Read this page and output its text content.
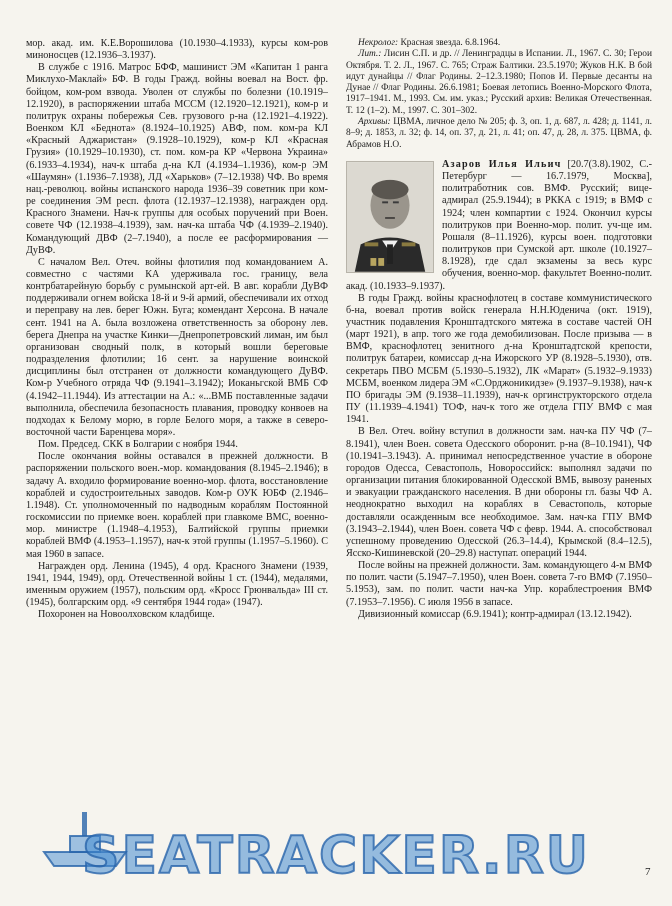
мор. акад. им. К.Е.Ворошилова (10.1930–4.1933), курсы ком-ров миноносцев (12.1936–3.1937).

В службе с 1916. Матрос БФФ, машинист ЭМ «Капитан 1 ранга Миклухо-Маклай» БФ. В годы Гражд. войны воевал на Вост. фр. бойцом, ком-ром взвода. Уволен от службы по болезни (10.1919–12.1920), в распоряжении штаба МССМ (12.1920–12.1921), ком-р и политрук охраны побережья Сев. грузового р-на (12.1921–4.1922). Военком КЛ «Беднота» (8.1924–10.1925) АВФ, пом. ком-ра КЛ «Красный Аджаристан» (9.1928–10.1929), ком-р КЛ «Красная Грузия» (10.1929–10.1930), ст. пом. ком-ра КР «Червона Украина» (6.1933–4.1934), нач-к штаба д-на КЛ (4.1934–1.1936), ком-р ЭМ «Шаумян» (1.1936–7.1938), ЛД «Харьков» (7–12.1938) ЧФ. Во время нац.-революц. войны испанского народа 1936–39 советник при ком-ре соединения ЭМ респ. флота (12.1937–12.1938), награжден орд. Красного Знамени. Нач-к группы для особых поручений при Воен. совете ЧФ (12.1938–4.1939), зам. нач-ка штаба ЧФ (4.1939–2.1940). Командующий ДВФ (2–7.1940), а после ее расформирования — ДуВФ.

С началом Вел. Отеч. войны флотилия под командованием А. совместно с частями КА удерживала гос. границу, вела контрбатарейную борьбу с румынской арт-ей. В авг. корабли ДуВФ поддерживали огнем войска 18-й и 9-й армий, обеспечивали их отход и переправу на лев. берег Южн. Буга; комендант Херсона. В начале сент. 1941 на А. была возложена ответственность за оборону лев. берега Днепра на участке Кинки—Днепропетровский лиман, им был организован сводный полк, в который вошли береговые подразделения флотилии; 16 сент. за нарушение воинской дисциплины был отстранен от должности командующего ДуВФ. Ком-р Учебного отряда ЧФ (9.1941–3.1942); Иоканьгской ВМБ СФ (4.1942–11.1944). Из аттестации на А.: «...ВМБ поставленные задачи выполнила, обеспечила безопасность плавания, проводку конвоев на подходах к Белому морю, в горле Белого моря, а также в северо-восточной части Баренцева моря».

Пом. Председ. СКК в Болгарии с ноября 1944.

После окончания войны оставался в прежней должности. В распоряжении польского воен.-мор. командования (8.1945–2.1946); в задачу А. входило формирование военно-мор. флота, восстановление кораблей и судостроительных заводов. Ком-р ОУК ЮБФ (2.1946–1.1948). Ст. уполномоченный по надводным кораблям Постоянной госкомиссии по приемке воен. кораблей при главкоме ВМС, военно-мор. министре (1.1948–4.1953), Балтийской группы приемки кораблей ВМФ (4.1953–1.1957), нач-к этой группы (1.1957–5.1960). С мая 1960 в запасе.

Награжден орд. Ленина (1945), 4 орд. Красного Знамени (1939, 1941, 1944, 1949), орд. Отечественной войны 1 ст. (1944), медалями, именным оружием (1957), польским орд. «Кросс Грюнвальда» III ст. (1945), болгарским орд. «9 сентября 1944 года» (1947).

Похоронен на Новоолховском кладбище.

Некролог: Красная звезда. 6.8.1964.

Лит.: Лисин С.П. и др. // Ленинградцы в Испании. Л., 1967. С. 30; Герои Октября. Т. 2. Л., 1967. С. 765; Страж Балтики. 23.5.1970; Жуков Н.К. В бой идут дунайцы // Флаг Родины. 2–12.3.1980; Попов И. Первые десанты на Дунае // Флаг Родины. 26.6.1981; Боевая летопись Военно-Морского Флота, 1917–1941. М., 1993. См. им. указ.; Русский архив: Великая Отечественная. Т. 12 (1–2). М., 1997. С. 301–302.

Архивы: ЦВМА, личное дело № 205; ф. 3, оп. 1, д. 687, л. 428; д. 1141, л. 8–9; д. 1853, л. 32; ф. 14, оп. 37, д. 21, л. 41; оп. 47, д. 28, л. 375. ЦВМА, ф. Абрамов Н.О.

Азаров Илья Ильич [20.7(3.8).1902, С.-Петербург — 16.7.1979, Москва], политработник сов. ВМФ. Русский; вице-адмирал (25.9.1944); в РККА с 1919; в ВМФ с 1924; член компартии с 1924. Окончил курсы политруков при Военно-мор. полит. уч-ще им. Рошаля (8–11.1926), курсы воен. подготовки политруков при Сумской арт. школе (10.1927–8.1928), где сдал экзамены за весь курс обучения, военно-мор. факультет Военно-полит. акад. (10.1933–9.1937).

В годы Гражд. войны краснофлотец в составе коммунистического б-на, воевал против войск генерала Н.Н.Юденича (окт. 1919), участник подавления Кронштадтского мятежа в составе частей ОН (март 1921), в апр. того же года демобилизован. После призыва — в ВМФ, краснофлотец зенитного д-на Кронштадтской крепости, политрук батареи, комиссар д-на Ижорского УР (8.1928–5.1930), отв. секретарь ПВО МСБМ (5.1930–5.1932), ЛК «Марат» (5.1932–9.1933) МСБМ, военком лидера ЭМ «С.Орджоникидзе» (9.1937–9.1938), нач-к ПО бригады ЭМ (9.1938–11.1939), нач-к оргинструкторского отдела ПУ (11.1939–4.1941) ТОФ, нач-к того же отдела ГПУ ВМФ с мая 1941.

В Вел. Отеч. войну вступил в должности зам. нач-ка ПУ ЧФ (7–8.1941), член Воен. совета Одесского оборонит. р-на (8–10.1941), ЧФ (10.1941–3.1943). А. принимал непосредственное участие в обороне городов Одесса, Севастополь, Новороссийск: выполнял задачи по организации питания блокированной Одесской ВМБ, вывозу раненых и эвакуации гражданского населения. В дни обороны гл. базы ЧФ А. неоднократно выходил на кораблях в Севастополь, которые доставляли осажденным все необходимое. Зам. нач-ка ГПУ ВМФ (3.1943–2.1944), член Воен. совета ЧФ с февр. 1944. А. способствовал успешному проведению Одесской (26.3–14.4), Крымской (8.4–12.5), Ясско-Кишиневской (20–29.8) наступат. операций 1944.

После войны на прежней должности. Зам. командующего 4-м ВМФ по полит. части (5.1947–7.1950), член Воен. совета 7-го ВМФ (7.1950–5.1953), зам. по полит. части нач-ка Упр. кораблестроения ВМФ (7.1953–7.1956). С июля 1956 в запасе.

Дивизионный комиссар (6.9.1941); контр-адмирал (13.12.1942).

SEATRACKER.RU	7
